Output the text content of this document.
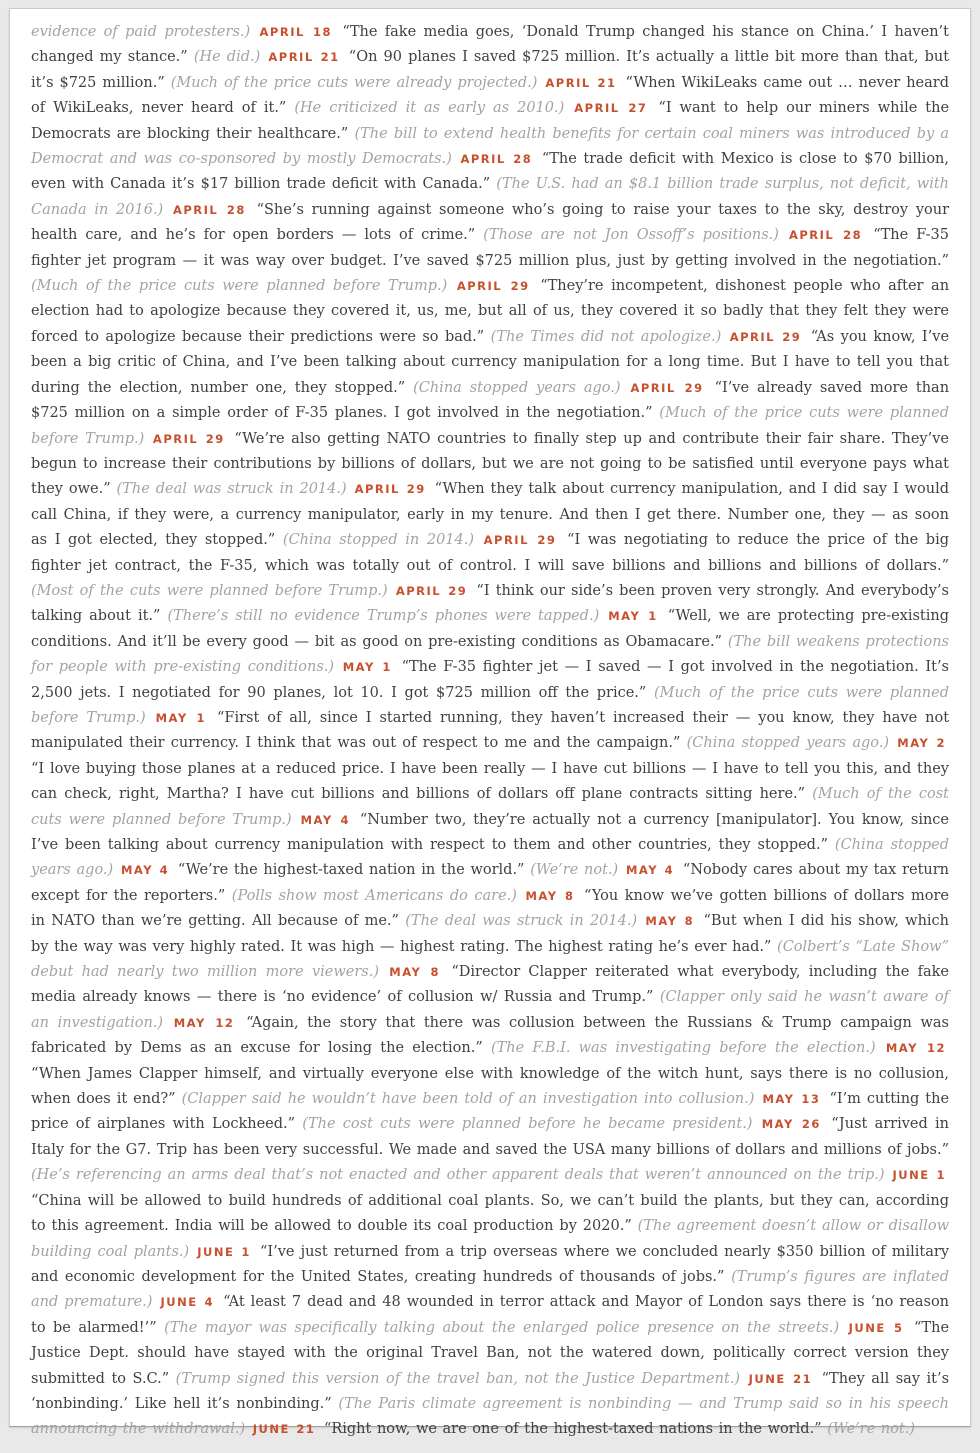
evidence of paid protesters.) APRIL 18 “The fake media goes, ‘Donald Trump changed his stance on China.’ I haven’t changed my stance.” (He did.) APRIL 21 “On 90 planes I saved $725 million. It’s actually a little bit more than that, but it’s $725 million.” (Much of the price cuts were already projected.) APRIL 21 “When WikiLeaks came out … never heard of WikiLeaks, never heard of it.” (He criticized it as early as 2010.) APRIL 27 “I want to help our miners while the Democrats are blocking their healthcare.” (The bill to extend health benefits for certain coal miners was introduced by a Democrat and was co-sponsored by mostly Democrats.) APRIL 28 “The trade deficit with Mexico is close to $70 billion, even with Canada it’s $17 billion trade deficit with Canada.” (The U.S. had an $8.1 billion trade surplus, not deficit, with Canada in 2016.) APRIL 28 “She’s running against someone who’s going to raise your taxes to the sky, destroy your health care, and he’s for open borders — lots of crime.” (Those are not Jon Ossoff’s positions.) APRIL 28 “The F-35 fighter jet program — it was way over budget. I’ve saved $725 million plus, just by getting involved in the negotiation.” (Much of the price cuts were planned before Trump.) APRIL 29 “They’re incompetent, dishonest people who after an election had to apologize because they covered it, us, me, but all of us, they covered it so badly that they felt they were forced to apologize because their predictions were so bad.” (The Times did not apologize.) APRIL 29 “As you know, I’ve been a big critic of China, and I’ve been talking about currency manipulation for a long time. But I have to tell you that during the election, number one, they stopped.” (China stopped years ago.) APRIL 29 “I’ve already saved more than $725 million on a simple order of F-35 planes. I got involved in the negotiation.” (Much of the price cuts were planned before Trump.) APRIL 29 “We’re also getting NATO countries to finally step up and contribute their fair share. They’ve begun to increase their contributions by billions of dollars, but we are not going to be satisfied until everyone pays what they owe.” (The deal was struck in 2014.) APRIL 29 “When they talk about currency manipulation, and I did say I would call China, if they were, a currency manipulator, early in my tenure. And then I get there. Number one, they — as soon as I got elected, they stopped.” (China stopped in 2014.) APRIL 29 “I was negotiating to reduce the price of the big fighter jet contract, the F-35, which was totally out of control. I will save billions and billions and billions of dollars.” (Most of the cuts were planned before Trump.) APRIL 29 “I think our side’s been proven very strongly. And everybody’s talking about it.” (There’s still no evidence Trump’s phones were tapped.) MAY 1 “Well, we are protecting pre-existing conditions. And it’ll be every good — bit as good on pre-existing conditions as Obamacare.” (The bill weakens protections for people with pre-existing conditions.) MAY 1 “The F-35 fighter jet — I saved — I got involved in the negotiation. It’s 2,500 jets. I negotiated for 90 planes, lot 10. I got $725 million off the price.” (Much of the price cuts were planned before Trump.) MAY 1 “First of all, since I started running, they haven’t increased their — you know, they have not manipulated their currency. I think that was out of respect to me and the campaign.” (China stopped years ago.) MAY 2 “I love buying those planes at a reduced price. I have been really — I have cut billions — I have to tell you this, and they can check, right, Martha? I have cut billions and billions of dollars off plane contracts sitting here.” (Much of the cost cuts were planned before Trump.) MAY 4 “Number two, they’re actually not a currency [manipulator]. You know, since I’ve been talking about currency manipulation with respect to them and other countries, they stopped.” (China stopped years ago.) MAY 4 “We’re the highest-taxed nation in the world.” (We’re not.) MAY 4 “Nobody cares about my tax return except for the reporters.” (Polls show most Americans do care.) MAY 8 “You know we’ve gotten billions of dollars more in NATO than we’re getting. All because of me.” (The deal was struck in 2014.) MAY 8 “But when I did his show, which by the way was very highly rated. It was high — highest rating. The highest rating he’s ever had.” (Colbert’s “Late Show” debut had nearly two million more viewers.) MAY 8 “Director Clapper reiterated what everybody, including the fake media already knows — there is ‘no evidence’ of collusion w/ Russia and Trump.” (Clapper only said he wasn’t aware of an investigation.) MAY 12 “Again, the story that there was collusion between the Russians & Trump campaign was fabricated by Dems as an excuse for losing the election.” (The F.B.I. was investigating before the election.) MAY 12 “When James Clapper himself, and virtually everyone else with knowledge of the witch hunt, says there is no collusion, when does it end?” (Clapper said he wouldn’t have been told of an investigation into collusion.) MAY 13 “I’m cutting the price of airplanes with Lockheed.” (The cost cuts were planned before he became president.) MAY 26 “Just arrived in Italy for the G7. Trip has been very successful. We made and saved the USA many billions of dollars and millions of jobs.” (He’s referencing an arms deal that’s not enacted and other apparent deals that weren’t announced on the trip.) JUNE 1 “China will be allowed to build hundreds of additional coal plants. So, we can’t build the plants, but they can, according to this agreement. India will be allowed to double its coal production by 2020.” (The agreement doesn’t allow or disallow building coal plants.) JUNE 1 “I’ve just returned from a trip overseas where we concluded nearly $350 billion of military and economic development for the United States, creating hundreds of thousands of jobs.” (Trump’s figures are inflated and premature.) JUNE 4 “At least 7 dead and 48 wounded in terror attack and Mayor of London says there is ‘no reason to be alarmed!’” (The mayor was specifically talking about the enlarged police presence on the streets.) JUNE 5 “The Justice Dept. should have stayed with the original Travel Ban, not the watered down, politically correct version they submitted to S.C.” (Trump signed this version of the travel ban, not the Justice Department.) JUNE 21 “They all say it’s ‘nonbinding.’ Like hell it’s nonbinding.” (The Paris climate agreement is nonbinding — and Trump said so in his speech announcing the withdrawal.) JUNE 21 “Right now, we are one of the highest-taxed nations in the world.” (We’re not.)
